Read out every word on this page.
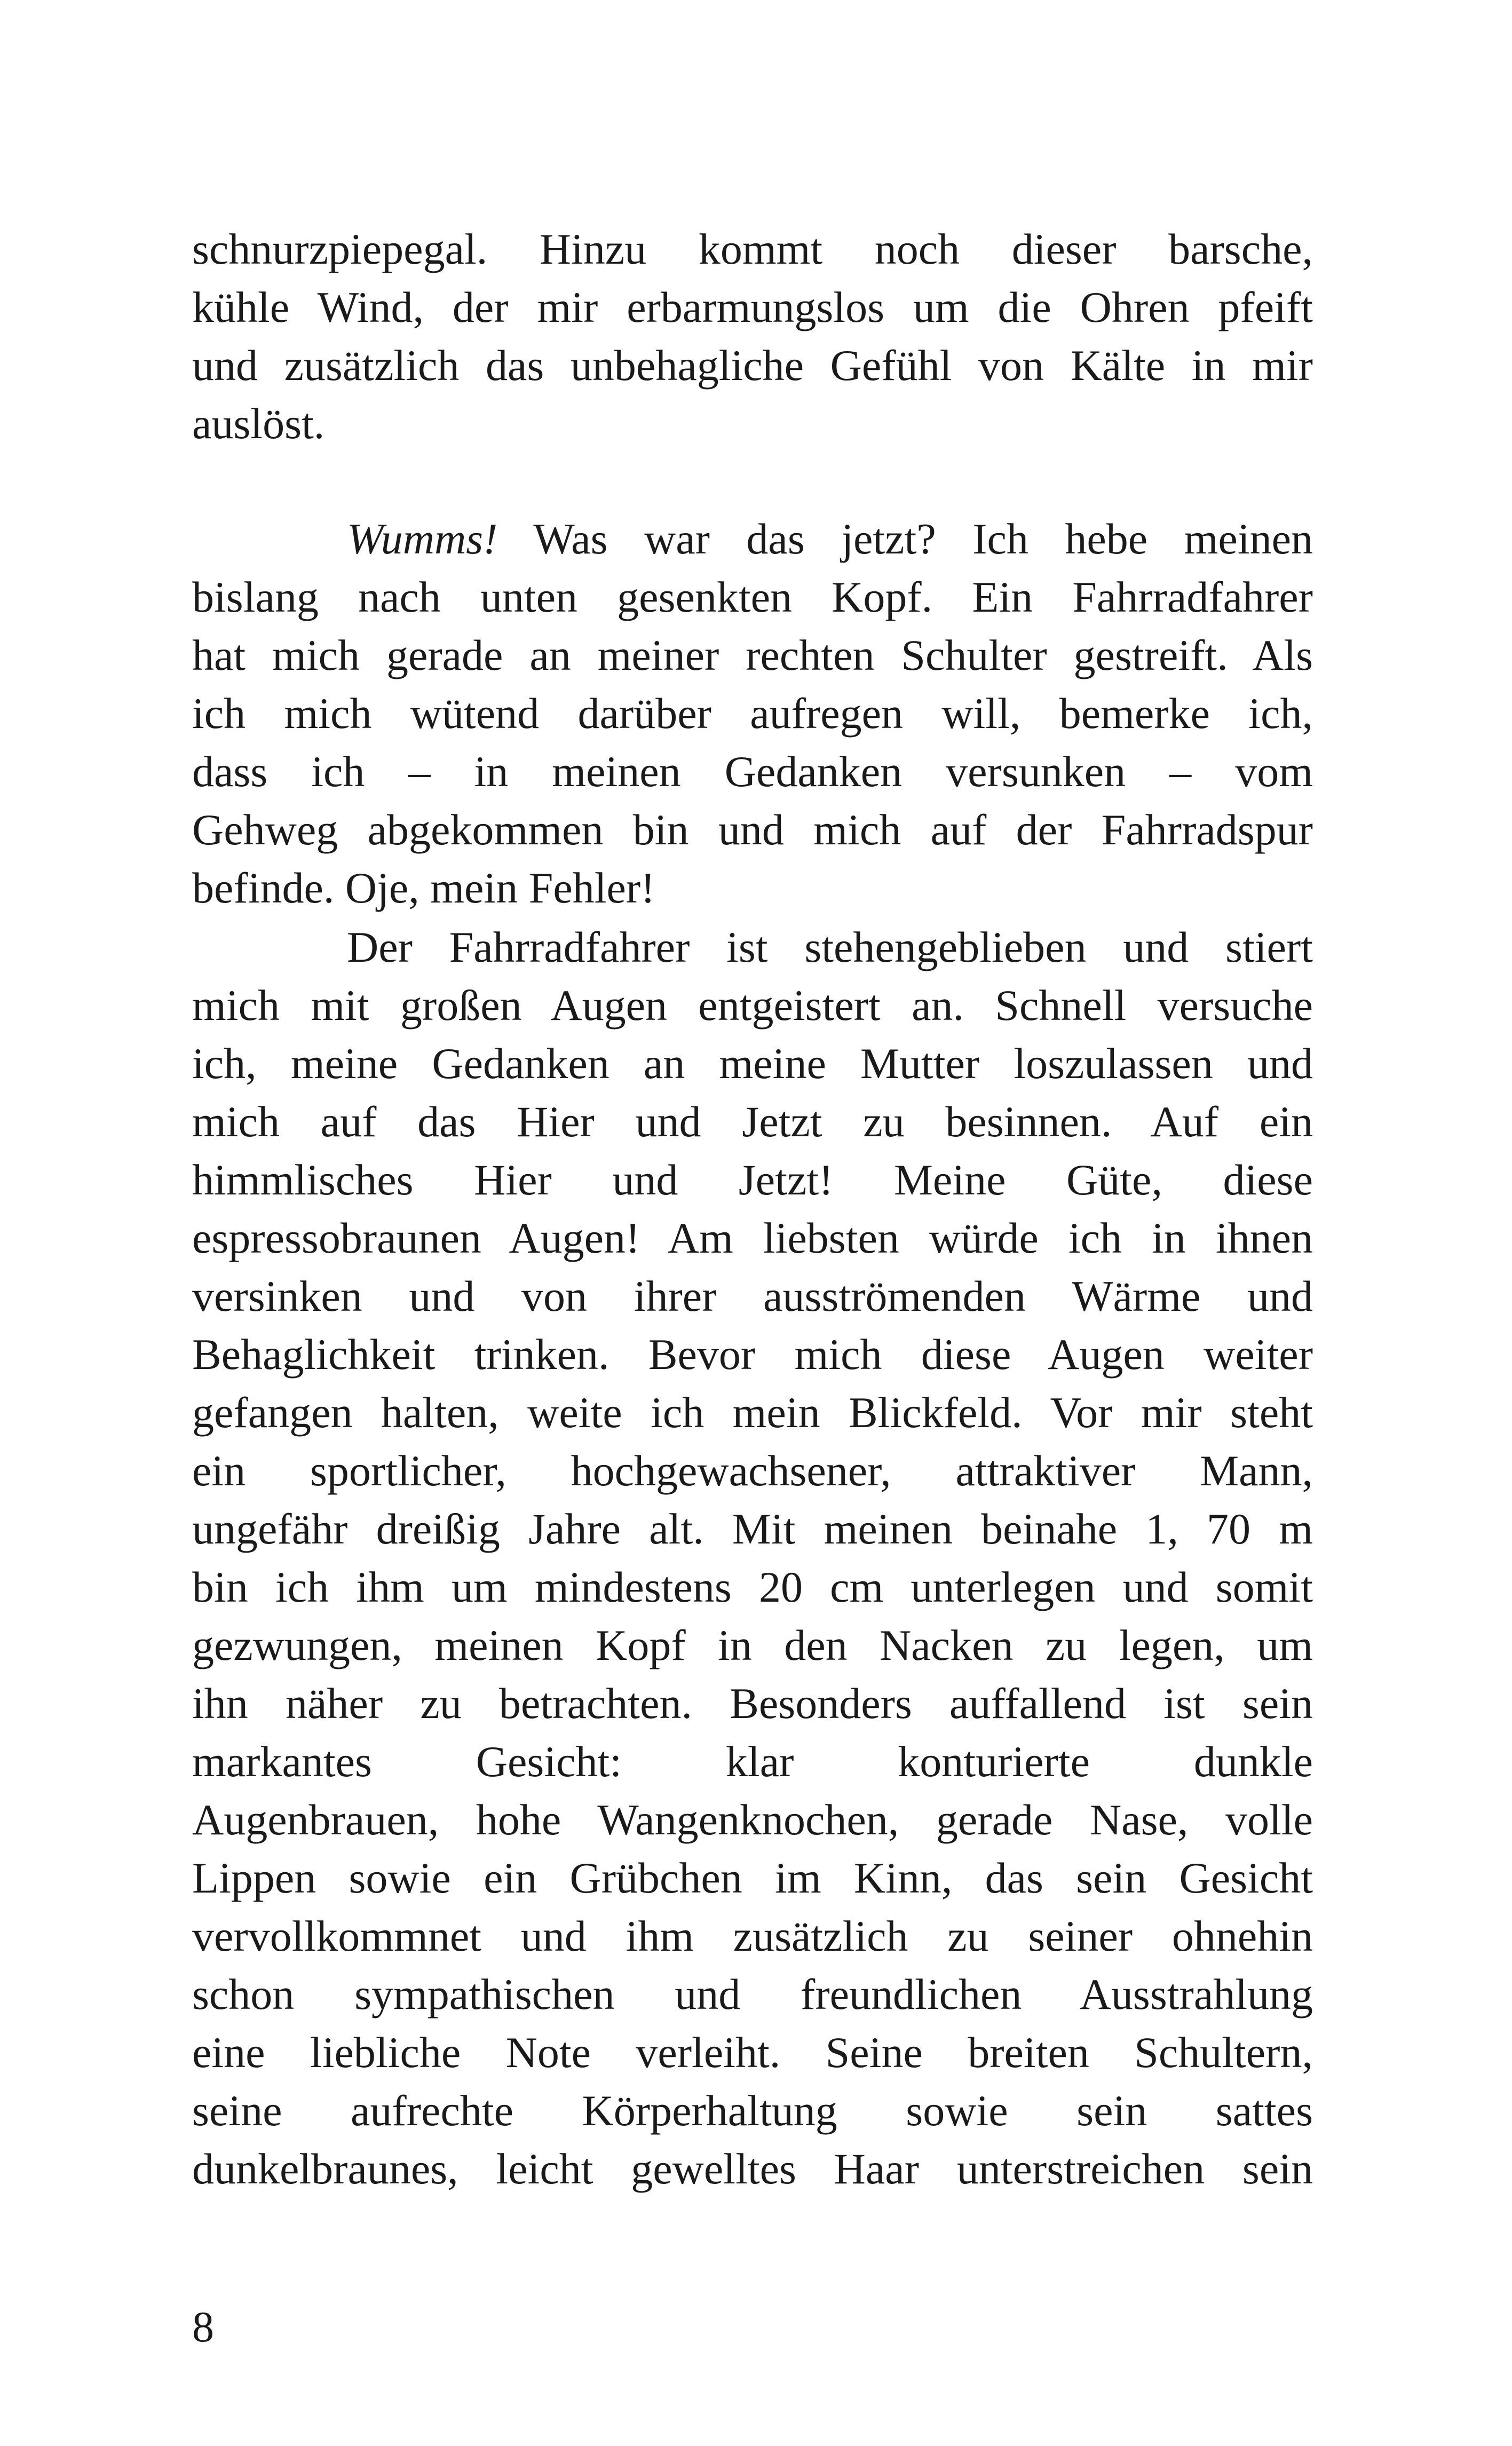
schnurzpiepegal. Hinzu kommt noch dieser barsche,
kühle Wind, der mir erbarmungslos um die Ohren pfeift
und zusätzlich das unbehagliche Gefühl von Kälte in mir
auslöst.
Wumms! Was war das jetzt? Ich hebe meinen
bislang nach unten gesenkten Kopf. Ein Fahrradfahrer
hat mich gerade an meiner rechten Schulter gestreift. Als
ich mich wütend darüber aufregen will, bemerke ich,
dass ich – in meinen Gedanken versunken – vom
Gehweg abgekommen bin und mich auf der Fahrradspur
befinde. Oje, mein Fehler!
Der Fahrradfahrer ist stehengeblieben und stiert
mich mit großen Augen entgeistert an. Schnell versuche
ich, meine Gedanken an meine Mutter loszulassen und
mich auf das Hier und Jetzt zu besinnen. Auf ein
himmlisches Hier und Jetzt! Meine Güte, diese
espressobraunen Augen! Am liebsten würde ich in ihnen
versinken und von ihrer ausströmenden Wärme und
Behaglichkeit trinken. Bevor mich diese Augen weiter
gefangen halten, weite ich mein Blickfeld. Vor mir steht
ein sportlicher, hochgewachsener, attraktiver Mann,
ungefähr dreißig Jahre alt. Mit meinen beinahe 1, 70 m
bin ich ihm um mindestens 20 cm unterlegen und somit
gezwungen, meinen Kopf in den Nacken zu legen, um
ihn näher zu betrachten. Besonders auffallend ist sein
markantes Gesicht: klar konturierte dunkle
Augenbrauen, hohe Wangenknochen, gerade Nase, volle
Lippen sowie ein Grübchen im Kinn, das sein Gesicht
vervollkommnet und ihm zusätzlich zu seiner ohnehin
schon sympathischen und freundlichen Ausstrahlung
eine liebliche Note verleiht. Seine breiten Schultern,
seine aufrechte Körperhaltung sowie sein sattes
dunkelbraunes, leicht gewelltes Haar unterstreichen sein
8
